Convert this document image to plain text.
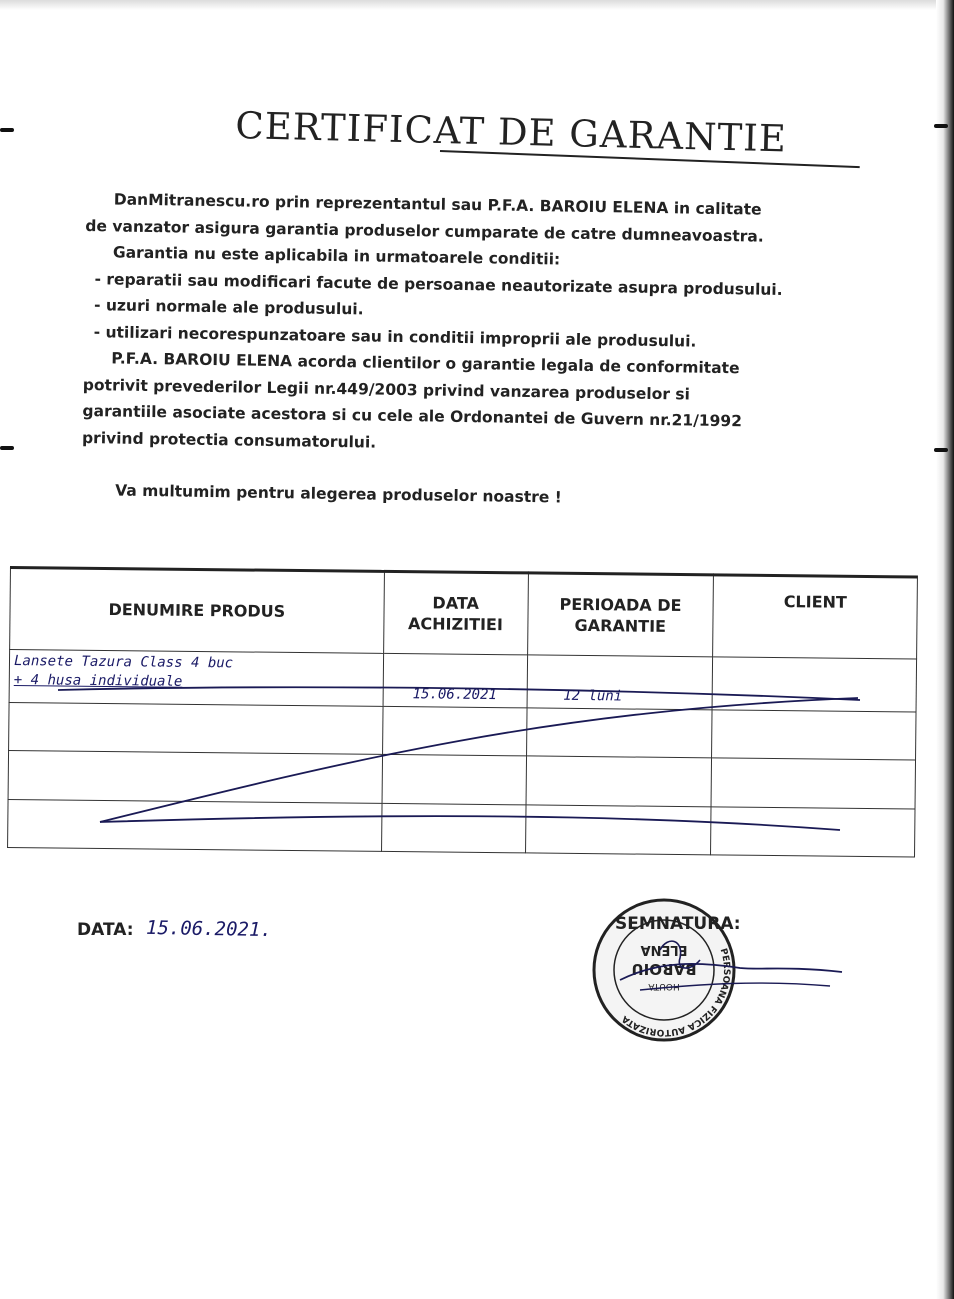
CERTIFICAT DE GARANTIE

DanMitranescu.ro prin reprezentantul sau P.F.A. BAROIU ELENA in calitate

de vanzator asigura garantia produselor cumparate de catre dumneavoastra.

Garantia nu este aplicabila in urmatoarele conditii:

- reparatii sau modificari facute de persoanae neautorizate asupra produsului.

- uzuri normale ale produsului.

- utilizari necorespunzatoare sau in conditii improprii ale produsului.

P.F.A. BAROIU ELENA acorda clientilor o garantie legala de conformitate

potrivit prevederilor Legii nr.449/2003 privind vanzarea produselor si

garantiile asociate acestora si cu cele ale Ordonantei de Guvern nr.21/1992

privind protectia consumatorului.

Va multumim pentru alegerea produselor noastre !

DENUMIRE PRODUS	DATA ACHIZITIEI	PERIOADA DE GARANTIE	CLIENT

Lansete Tazura Class 4 buc
+ 4 husa individuale	15.06.2021	12 luni	

DATA: 15.06.2021.
PERSOANA FIZICA AUTORIZATA
HOUTA
BAROIU
ELENA
SEMNATURA:
